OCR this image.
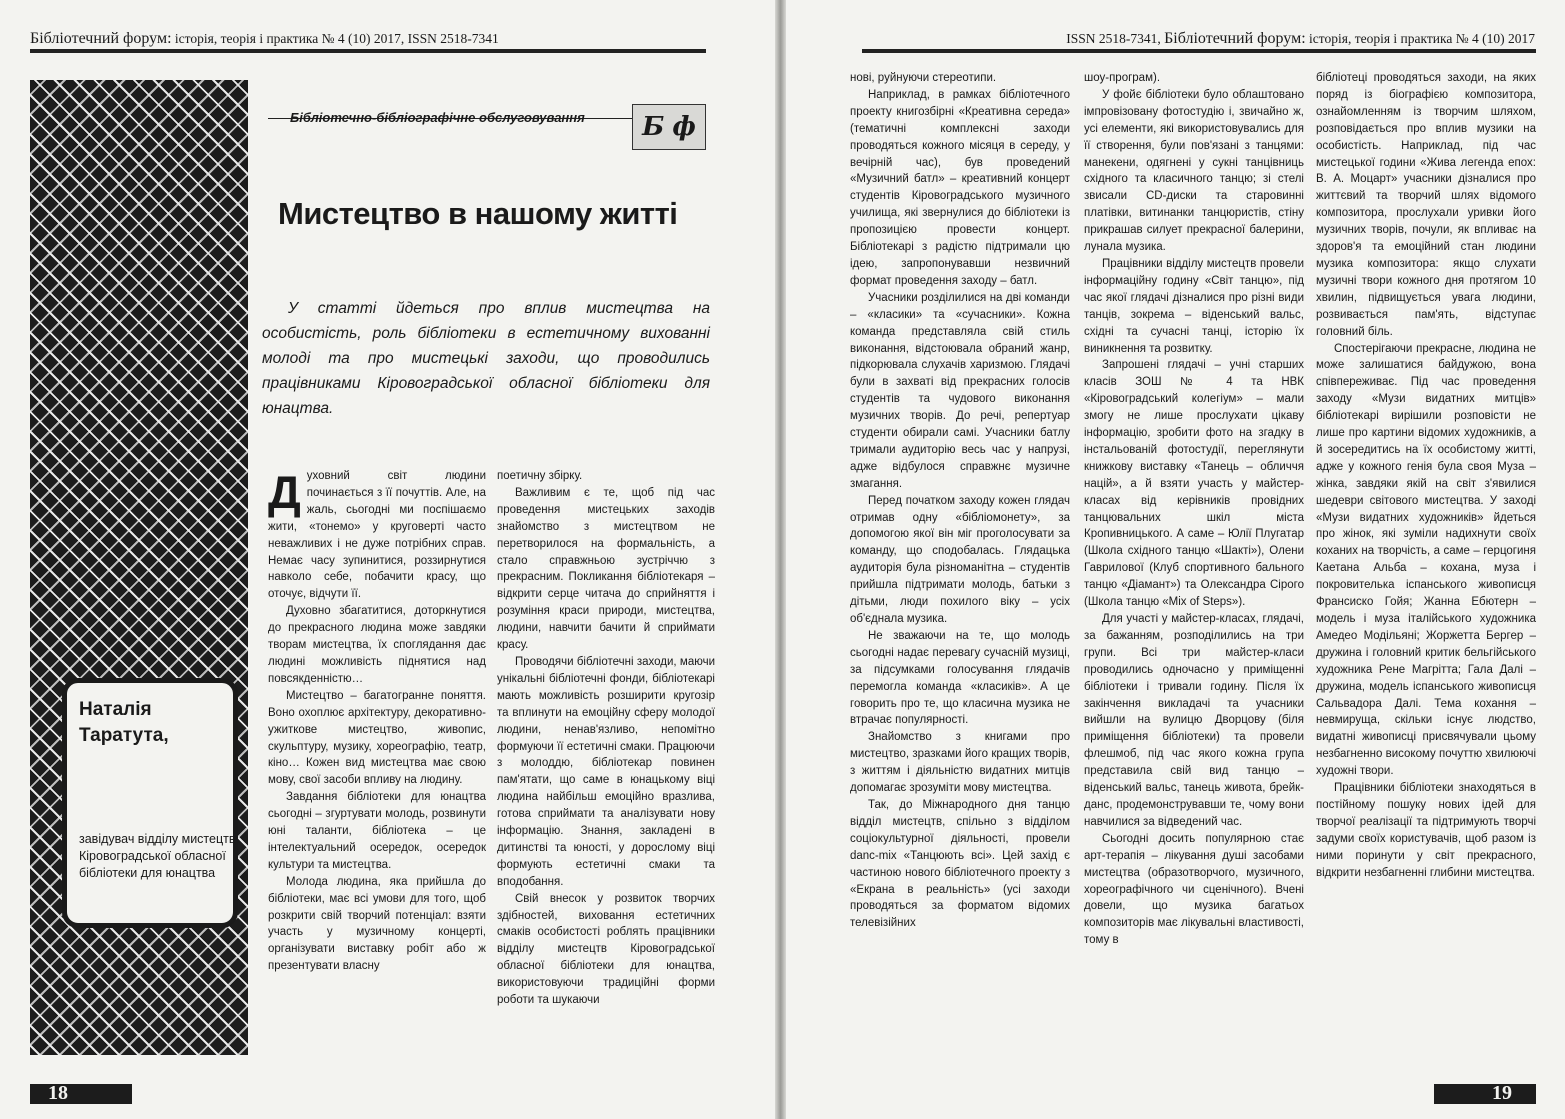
Бібліотечний форум: історія, теорія і практика № 4 (10) 2017, ISSN 2518-7341

Наталія

Таратута,

завідувач відділу мистецтв Кіровоградської обласної бібліотеки для юнацтва
Бібліотечно-бібліографічне обслуговування Б ф
Мистецтво в нашому житті

У статті йдеться про вплив мистецтва на особистість, роль бібліотеки в естетичному вихованні молоді та про мистецькі заходи, що проводились працівниками Кіровоградської обласної бібліотеки для юнацтва.

Духовний світ людини починається з її почуттів. Але, на жаль, сьогодні ми поспішаємо жити, «тонемо» у круговерті часто неважливих і не дуже потрібних справ. Немає часу зупинитися, роззирнутися навколо себе, побачити красу, що оточує, відчути її.

Духовно збагатитися, доторкнутися до прекрасного людина може завдяки творам мистецтва, їх споглядання дає людині можливість піднятися над повсякденністю…

Мистецтво – багатогранне поняття. Воно охоплює архітектуру, декоративно-ужиткове мистецтво, живопис, скульптуру, музику, хореографію, театр, кіно… Кожен вид мистецтва має свою мову, свої засоби впливу на людину.

Завдання бібліотеки для юнацтва сьогодні – згуртувати молодь, розвинути юні таланти, бібліотека – це інтелектуальний осередок, осередок культури та мистецтва.

Молода людина, яка прийшла до бібліотеки, має всі умови для того, щоб розкрити свій творчий потенціал: взяти участь у музичному концерті, організувати виставку робіт або ж презентувати власну

поетичну збірку.

Важливим є те, щоб під час проведення мистецьких заходів знайомство з мистецтвом не перетворилося на формальність, а стало справжньою зустріччю з прекрасним. Покликання бібліотекаря – відкрити серце читача до сприйняття і розуміння краси природи, мистецтва, людини, навчити бачити й сприймати красу.

Проводячи бібліотечні заходи, маючи унікальні бібліотечні фонди, бібліотекарі мають можливість розширити кругозір та вплинути на емоційну сферу молодої людини, ненав'язливо, непомітно формуючи її естетичні смаки. Працюючи з молоддю, бібліотекар повинен пам'ятати, що саме в юнацькому віці людина найбільш емоційно вразлива, готова сприймати та аналізувати нову інформацію. Знання, закладені в дитинстві та юності, у дорослому віці формують естетичні смаки та вподобання.

Свій внесок у розвиток творчих здібностей, виховання естетичних смаків особистості роблять працівники відділу мистецтв Кіровоградської обласної бібліотеки для юнацтва, використовуючи традиційні форми роботи та шукаючи

18
ISSN 2518-7341, Бібліотечний форум: історія, теорія і практика № 4 (10) 2017

нові, руйнуючи стереотипи.

Наприклад, в рамках бібліотечного проекту книгозбірні «Креативна середа» (тематичні комплексні заходи проводяться кожного місяця в середу, у вечірній час), був проведений «Музичний батл» – креативний концерт студентів Кіровоградського музичного училища, які звернулися до бібліотеки із пропозицією провести концерт. Бібліотекарі з радістю підтримали цю ідею, запропонувавши незвичний формат проведення заходу – батл.

Учасники розділилися на дві команди – «класики» та «сучасники». Кожна команда представляла свій стиль виконання, відстоювала обраний жанр, підкорювала слухачів харизмою. Глядачі були в захваті від прекрасних голосів студентів та чудового виконання музичних творів. До речі, репертуар студенти обирали самі. Учасники батлу тримали аудиторію весь час у напрузі, адже відбулося справжнє музичне змагання.

Перед початком заходу кожен глядач отримав одну «бібліомонету», за допомогою якої він міг проголосувати за команду, що сподобалась. Глядацька аудиторія була різноманітна – студентів прийшла підтримати молодь, батьки з дітьми, люди похилого віку – усіх об'єднала музика.

Не зважаючи на те, що молодь сьогодні надає перевагу сучасній музиці, за підсумками голосування глядачів перемогла команда «класиків». А це говорить про те, що класична музика не втрачає популярності.

Знайомство з книгами про мистецтво, зразками його кращих творів, з життям і діяльністю видатних митців допомагає зрозуміти мову мистецтва.

Так, до Міжнародного дня танцю відділ мистецтв, спільно з відділом соціокультурної діяльності, провели danc-mix «Танцюють всі». Цей захід є частиною нового бібліотечного проекту з «Екрана в реальність» (усі заходи проводяться за форматом відомих телевізійних

шоу-програм).

У фойє бібліотеки було облаштовано імпровізовану фотостудію і, звичайно ж, усі елементи, які використовувались для її створення, були пов'язані з танцями: манекени, одягнені у сукні танцівниць східного та класичного танцю; зі стелі звисали CD-диски та старовинні платівки, витинанки танцюристів, стіну прикрашав силует прекрасної балерини, лунала музика.

Працівники відділу мистецтв провели інформаційну годину «Світ танцю», під час якої глядачі дізналися про різні види танців, зокрема – віденський вальс, східні та сучасні танці, історію їх виникнення та розвитку.

Запрошені глядачі – учні старших класів ЗОШ № 4 та НВК «Кіровоградський колегіум» – мали змогу не лише прослухати цікаву інформацію, зробити фото на згадку в інстальованій фотостудії, переглянути книжкову виставку «Танець – обличчя націй», а й взяти участь у майстер-класах від керівників провідних танцювальних шкіл міста Кропивницького. А саме – Юлії Плугатар (Школа східного танцю «Шакті»), Олени Гаврилової (Клуб спортивного бального танцю «Діамант») та Олександра Сірого (Школа танцю «Mix of Steps»).

Для участі у майстер-класах, глядачі, за бажанням, розподілились на три групи. Всі три майстер-класи проводились одночасно у приміщенні бібліотеки і тривали годину. Після їх закінчення викладачі та учасники вийшли на вулицю Дворцову (біля приміщення бібліотеки) та провели флешмоб, під час якого кожна група представила свій вид танцю – віденський вальс, танець живота, брейк-данс, продемонструвавши те, чому вони навчилися за відведений час.

Сьогодні досить популярною стає арт-терапія – лікування душі засобами мистецтва (образотворчого, музичного, хореографічного чи сценічного). Вчені довели, що музика багатьох композиторів має лікувальні властивості, тому в

бібліотеці проводяться заходи, на яких поряд із біографією композитора, ознайомленням із творчим шляхом, розповідається про вплив музики на особистість. Наприклад, під час мистецької години «Жива легенда епох: В. А. Моцарт» учасники дізналися про життєвий та творчий шлях відомого композитора, прослухали уривки його музичних творів, почули, як впливає на здоров'я та емоційний стан людини музика композитора: якщо слухати музичні твори кожного дня протягом 10 хвилин, підвищується увага людини, розвивається пам'ять, відступає головний біль.

Спостерігаючи прекрасне, людина не може залишатися байдужою, вона співпереживає. Під час проведення заходу «Музи видатних митців» бібліотекарі вирішили розповісти не лише про картини відомих художників, а й зосередитись на їх особистому житті, адже у кожного генія була своя Муза – жінка, завдяки якій на світ з'явилися шедеври світового мистецтва. У заході «Музи видатних художників» йдеться про жінок, які зуміли надихнути своїх коханих на творчість, а саме – герцогиня Каетана Альба – кохана, муза і покровителька іспанського живописця Франсиско Гойя; Жанна Ебютерн – модель і муза італійського художника Амедео Модільяні; Жоржетта Бергер – дружина і головний критик бельгійського художника Рене Магрітта; Гала Далі – дружина, модель іспанського живописця Сальвадора Далі. Тема кохання – невмируща, скільки існує людство, видатні живописці присвячували цьому незбагненно високому почуттю хвилюючі художні твори.

Працівники бібліотеки знаходяться в постійному пошуку нових ідей для творчої реалізації та підтримують творчі задуми своїх користувачів, щоб разом із ними поринути у світ прекрасного, відкрити незбагненні глибини мистецтва.

19
